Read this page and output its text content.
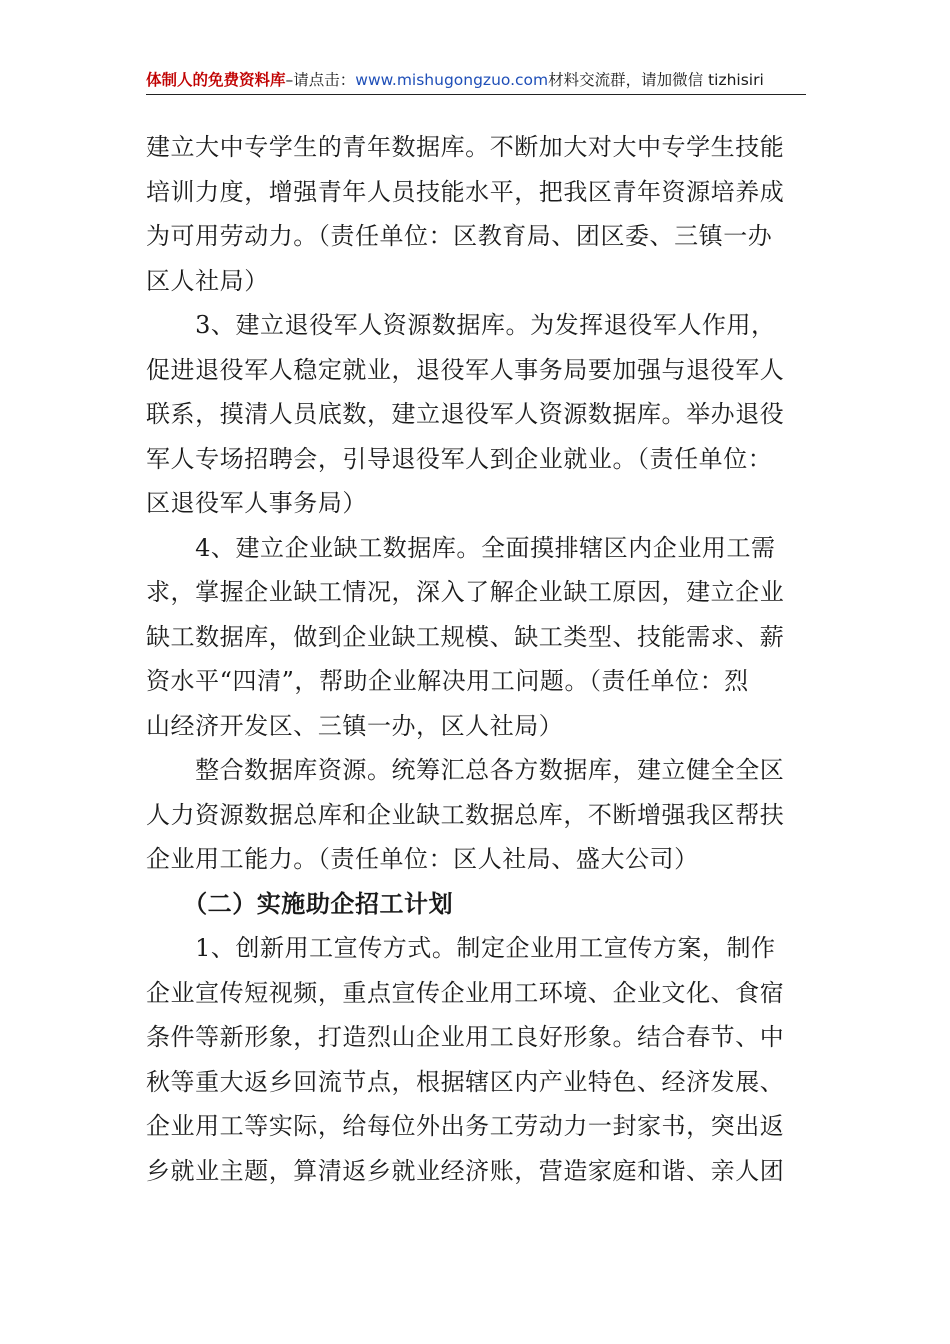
体制人的免费资料库–请点击：www.mishugongzuo.com材料交流群，请加微信 tizhisiri
建立大中专学生的青年数据库。不断加大对大中专学生技能
培训力度，增强青年人员技能水平，把我区青年资源培养成
为可用劳动力。（责任单位：区教育局、团区委、三镇一办
区人社局）
　　3、建立退役军人资源数据库。为发挥退役军人作用，
促进退役军人稳定就业，退役军人事务局要加强与退役军人
联系，摸清人员底数，建立退役军人资源数据库。举办退役
军人专场招聘会，引导退役军人到企业就业。（责任单位：
区退役军人事务局）
　　4、建立企业缺工数据库。全面摸排辖区内企业用工需
求，掌握企业缺工情况，深入了解企业缺工原因，建立企业
缺工数据库，做到企业缺工规模、缺工类型、技能需求、薪
资水平“四清”，帮助企业解决用工问题。（责任单位：烈
山经济开发区、三镇一办，区人社局）
　　整合数据库资源。统筹汇总各方数据库，建立健全全区
人力资源数据总库和企业缺工数据总库，不断增强我区帮扶
企业用工能力。（责任单位：区人社局、盛大公司）
　　（二）实施助企招工计划
　　1、创新用工宣传方式。制定企业用工宣传方案，制作
企业宣传短视频，重点宣传企业用工环境、企业文化、食宿
条件等新形象，打造烈山企业用工良好形象。结合春节、中
秋等重大返乡回流节点，根据辖区内产业特色、经济发展、
企业用工等实际，给每位外出务工劳动力一封家书，突出返
乡就业主题，算清返乡就业经济账，营造家庭和谐、亲人团
